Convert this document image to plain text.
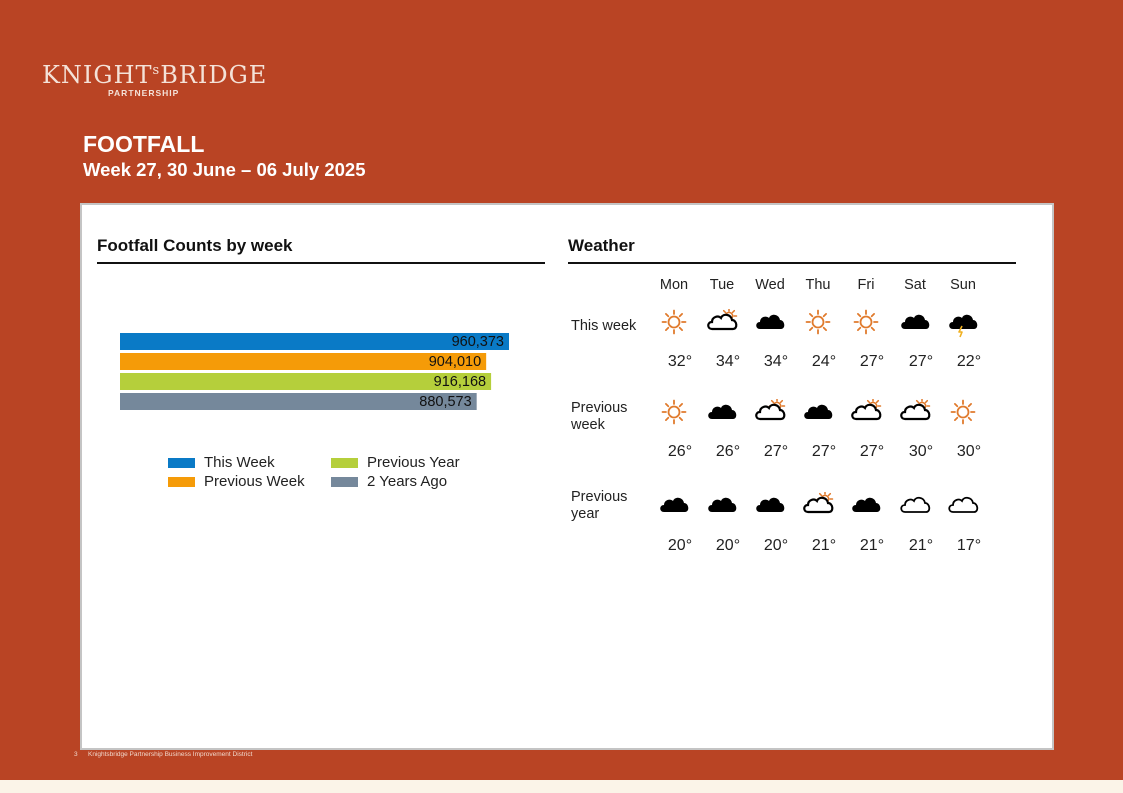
KNIGHT$^s$BRIDGE
PARTNERSHIP
FOOTFALL
Week 27, 30 June – 06 July 2025
Footfall Counts by week
960,373
904,010
916,168
880,573
This Week
Previous Week
Previous Year
2 Years Ago
Weather
Mon	Tue	Wed	Thu	Fri	Sat	Sun
This week
32°	34°	34°	24°	27°	27°	22°
Previous week
26°	26°	27°	27°	27°	30°	30°
Previous year
20°	20°	20°	21°	21°	21°	17°
3 Knightsbridge Partnership Business Improvement District
